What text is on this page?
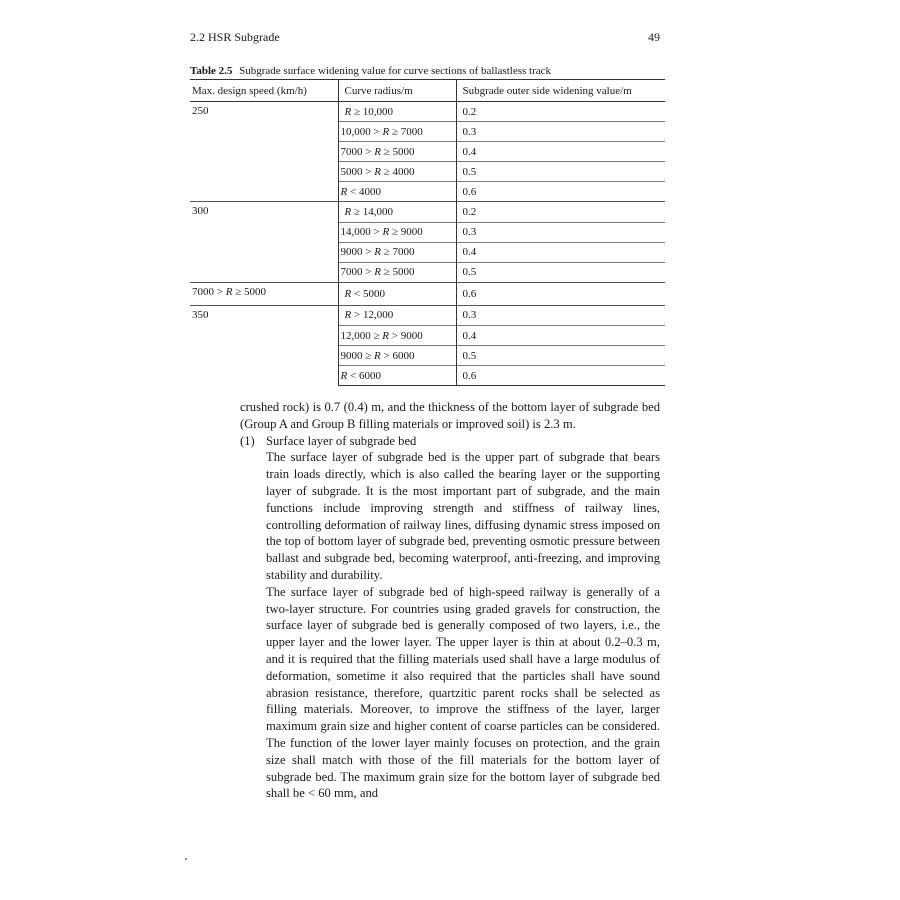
2.2 HSR Subgrade	49
Table 2.5 Subgrade surface widening value for curve sections of ballastless track
Max. design speed (km/h)	Curve radius/m	Subgrade outer side widening value/m
250	R ≥ 10,000	0.2
	10,000 > R ≥ 7000	0.3
	7000 > R ≥ 5000	0.4
	5000 > R ≥ 4000	0.5
	R < 4000	0.6
300	R ≥ 14,000	0.2
	14,000 > R ≥ 9000	0.3
	9000 > R ≥ 7000	0.4
	7000 > R ≥ 5000	0.5
7000 > R ≥ 5000	R < 5000	0.6
350	R > 12,000	0.3
	12,000 ≥ R > 9000	0.4
	9000 ≥ R > 6000	0.5
	R < 6000	0.6

crushed rock) is 0.7 (0.4) m, and the thickness of the bottom layer of subgrade bed (Group A and Group B filling materials or improved soil) is 2.3 m.

(1) Surface layer of subgrade bed

The surface layer of subgrade bed is the upper part of subgrade that bears train loads directly, which is also called the bearing layer or the supporting layer of subgrade. It is the most important part of subgrade, and the main functions include improving strength and stiffness of railway lines, controlling deformation of railway lines, diffusing dynamic stress imposed on the top of bottom layer of subgrade bed, preventing osmotic pressure between ballast and subgrade bed, becoming waterproof, anti-freezing, and improving stability and durability.

The surface layer of subgrade bed of high-speed railway is generally of a two-layer structure. For countries using graded gravels for construction, the surface layer of subgrade bed is generally composed of two layers, i.e., the upper layer and the lower layer. The upper layer is thin at about 0.2–0.3 m, and it is required that the filling materials used shall have a large modulus of deformation, sometime it also required that the particles shall have sound abrasion resistance, therefore, quartzitic parent rocks shall be selected as filling materials. Moreover, to improve the stiffness of the layer, larger maximum grain size and higher content of coarse particles can be considered. The function of the lower layer mainly focuses on protection, and the grain size shall match with those of the fill materials for the bottom layer of subgrade bed. The maximum grain size for the bottom layer of subgrade bed shall be < 60 mm, and
